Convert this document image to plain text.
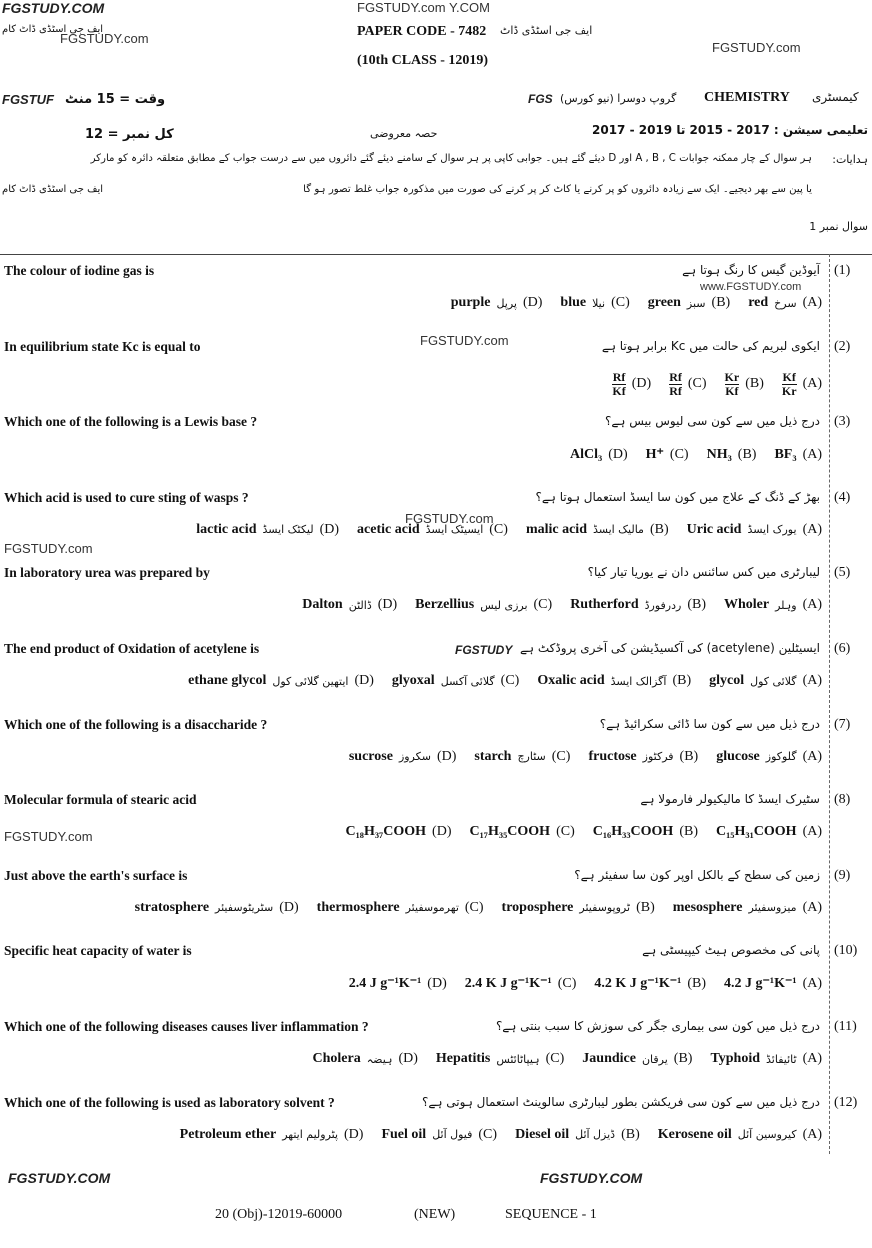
FGSTUDY.COM	FGSTUDY.com Y.COM
ایف جی اسٹڈی ڈاٹ کام
FGSTUDY.com
FGSTUDY.com
PAPER CODE - 7482 ایف جی اسٹڈی ڈاٹ
(10th CLASS - 12019)
FGSTUF وقت = 15 منٹ	FGS گروپ دوسرا (نیو کورس) CHEMISTRY کیمسٹری
کل نمبر = 12	حصہ معروضی	تعلیمی سیشن : 2017 - 2015 تا 2019 - 2017
ہدایات:
ہر سوال کے چار ممکنہ جوابات A , B , C اور D دیئے گئے ہیں۔ جوابی کاپی پر ہر سوال کے سامنے دیئے گئے دائروں میں سے درست جواب کے مطابق متعلقہ دائرہ کو مارکر
ایف جی اسٹڈی ڈاٹ کام	یا پین سے بھر دیجیے۔ ایک سے زیادہ دائروں کو پر کرنے یا کاٹ کر پر کرنے کی صورت میں مذکورہ جواب غلط تصور ہو گا
سوال نمبر 1
The colour of iodine gas is	آیوڈین گیس کا رنگ ہوتا ہے (1)
red سرخ (A)
green سبز (B)
blue نیلا (C)
purple پرپل (D)
In equilibrium state Kc is equal to	ایکوی لبریم کی حالت میں Kc برابر ہوتا ہے (2)
$\frac{Kf}{Kr} (A)$
$\frac{Kr}{Kf} (B)$
$\frac{Rf}{Rf} (C)$
$\frac{Rf}{Kf} (D)$
Which one of the following is a Lewis base ?	درج ذیل میں سے کون سی لیوس بیس ہے؟ (3)
BF₃ (A)
NH₃ (B)
H⁺ (C)
AlCl₃ (D)
Which acid is used to cure sting of wasps ?	بھڑ کے ڈنگ کے علاج میں کون سا ایسڈ استعمال ہوتا ہے؟ (4)
Uric acid یورک ایسڈ (A)
malic acid مالیک ایسڈ (B)
acetic acid ایسیٹک ایسڈ (C)
lactic acid لیکٹک ایسڈ (D)
In laboratory urea was prepared by	لیبارٹری میں کس سائنس دان نے یوریا تیار کیا؟ (5)
Wholer وہلر (A)
Rutherford ردرفورڈ (B)
Berzellius برزی لیس (C)
Dalton ڈالٹن (D)
The end product of Oxidation of acetylene is	ایسیٹلین (acetylene) کی آکسیڈیشن کی آخری پروڈکٹ ہے (6)
glycol گلائی کول (A)
Oxalic acid آگزالک ایسڈ (B)
glyoxal گلائی آکسل (C)
ethane glycol ایتھین گلائی کول (D)
Which one of the following is a disaccharide ?	درج ذیل میں سے کون سا ڈائی سکرائیڈ ہے؟ (7)
glucose گلوکوز (A)
fructose فرکٹوز (B)
starch سٹارچ (C)
sucrose سکروز (D)
Molecular formula of stearic acid	سٹیرک ایسڈ کا مالیکیولر فارمولا ہے (8)
C₁₅H₃₁COOH (A)
C₁₆H₃₃COOH (B)
C₁₇H₃₅COOH (C)
C₁₈H₃₇COOH (D)
Just above the earth's surface is	زمین کی سطح کے بالکل اوپر کون سا سفیئر ہے؟ (9)
mesosphere میزوسفیئر (A)
troposphere ٹروپوسفیئر (B)
thermosphere تھرموسفیئر (C)
stratosphere سٹریٹوسفیئر (D)
Specific heat capacity of water is	پانی کی مخصوص ہیٹ کیپیسٹی ہے (10)
4.2 J g⁻¹K⁻¹ (A)
4.2 K J g⁻¹K⁻¹ (B)
2.4 K J g⁻¹K⁻¹ (C)
2.4 J g⁻¹K⁻¹ (D)
Which one of the following diseases causes liver inflammation ?	درج ذیل میں کون سی بیماری جگر کی سوزش کا سبب بنتی ہے؟ (11)
Typhoid ٹائیفائڈ (A)
Jaundice یرقان (B)
Hepatitis ہیپاٹائٹس (C)
Cholera ہیضہ (D)
Which one of the following is used as laboratory solvent ?	درج ذیل میں سے کون سی فریکشن بطور لیبارٹری سالوینٹ استعمال ہوتی ہے؟ (12)
Kerosene oil کیروسین آئل (A)
Diesel oil ڈیزل آئل (B)
Fuel oil فیول آئل (C)
Petroleum ether پٹرولیم ایتھر (D)
FGSTUDY.com
FGSTUDY.com
FGSTUDY
FGSTUDY.com
FGSTUDY.com
www.FGSTUDY.com
FGSTUDY.COM	FGSTUDY.COM
20 (Obj)-12019-60000	(NEW)	SEQUENCE - 1
